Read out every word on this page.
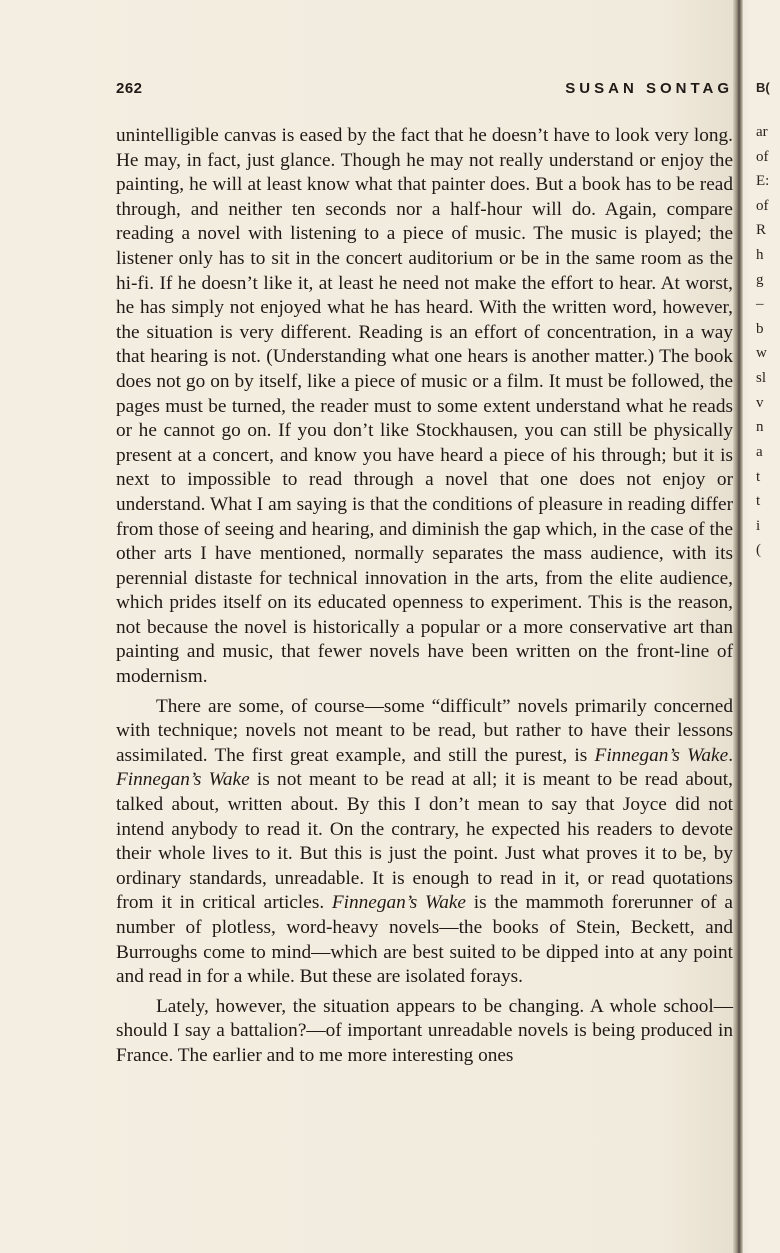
262	SUSAN SONTAG

unintelligible canvas is eased by the fact that he doesn’t have to look very long. He may, in fact, just glance. Though he may not really understand or enjoy the painting, he will at least know what that painter does. But a book has to be read through, and neither ten seconds nor a half-hour will do. Again, compare reading a novel with listening to a piece of music. The music is played; the listener only has to sit in the concert auditorium or be in the same room as the hi-fi. If he doesn’t like it, at least he need not make the effort to hear. At worst, he has simply not enjoyed what he has heard. With the written word, however, the situation is very different. Reading is an effort of concentration, in a way that hearing is not. (Understanding what one hears is another matter.) The book does not go on by itself, like a piece of music or a film. It must be followed, the pages must be turned, the reader must to some extent understand what he reads or he cannot go on. If you don’t like Stockhausen, you can still be physically present at a concert, and know you have heard a piece of his through; but it is next to impossible to read through a novel that one does not enjoy or understand. What I am saying is that the conditions of pleasure in reading differ from those of seeing and hearing, and diminish the gap which, in the case of the other arts I have mentioned, normally separates the mass audience, with its perennial distaste for technical innovation in the arts, from the elite audience, which prides itself on its educated openness to experiment. This is the reason, not because the novel is historically a popular or a more conservative art than painting and music, that fewer novels have been written on the front-line of modernism.

There are some, of course—some “difficult” novels primarily concerned with technique; novels not meant to be read, but rather to have their lessons assimilated. The first great example, and still the purest, is Finnegan’s Wake. Finnegan’s Wake is not meant to be read at all; it is meant to be read about, talked about, written about. By this I don’t mean to say that Joyce did not intend anybody to read it. On the contrary, he expected his readers to devote their whole lives to it. But this is just the point. Just what proves it to be, by ordinary standards, unreadable. It is enough to read in it, or read quotations from it in critical articles. Finnegan’s Wake is the mammoth forerunner of a number of plotless, word-heavy novels—the books of Stein, Beckett, and Burroughs come to mind—which are best suited to be dipped into at any point and read in for a while. But these are isolated forays.

Lately, however, the situation appears to be changing. A whole school—should I say a battalion?—of important unreadable novels is being produced in France. The earlier and to me more interesting ones

B(
ar
of
E:
of
R
h
g
–
b
w
sl
v
n
a
t
t
i
(
